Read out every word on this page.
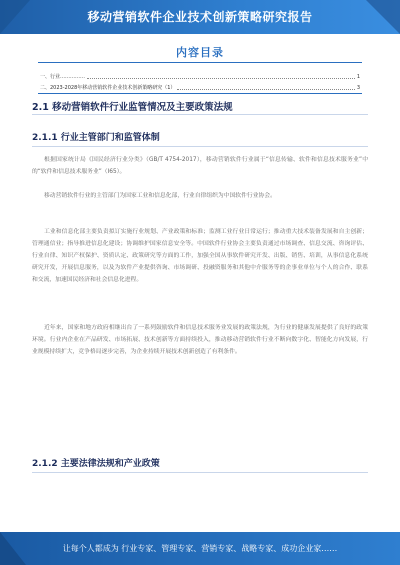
移动营销软件企业技术创新策略研究报告
内容目录
一、行业……………	1
二、2023-2028年移动营销软件企业技术创新策略研究（1）	3
2.1 移动营销软件行业监管情况及主要政策法规
2.1.1 行业主管部门和监管体制
根据国家统计局《国民经济行业分类》（GB/T 4754-2017），移动营销软件行业属于“信息传输、软件和信息技术服务业”中的“软件和信息技术服务业”（I65）。
移动营销软件行业的主管部门为国家工业和信息化部，行业自律组织为中国软件行业协会。
工业和信息化部主要负责拟订实施行业规划、产业政策和标准；监测工业行业日常运行；推动重大技术装备发展和自主创新；管理通信业；指导推进信息化建设；协调维护国家信息安全等。中国软件行业协会主要负责通过市场调查、信息交流、咨询评估、行业自律、知识产权保护、资质认定、政策研究等方面的工作，加强全国从事软件研究开发、出版、销售、培训，从事信息化系统研究开发，开展信息服务，以及为软件产业提供咨询、市场调研、投融资服务和其他中介服务等的企事业单位与个人的合作、联系和交流，加速国民经济和社会信息化进程。
近年来，国家和地方政府相继出台了一系列鼓励软件和信息技术服务业发展的政策法规，为行业的健康发展提供了良好的政策环境。行业内企业在产品研发、市场拓展、技术创新等方面持续投入，推动移动营销软件行业不断向数字化、智能化方向发展，行业规模持续扩大，竞争格局逐步完善，为企业持续开展技术创新创造了有利条件。
2.1.2 主要法律法规和产业政策
让每个人都成为 行业专家、管理专家、营销专家、战略专家、成功企业家……
